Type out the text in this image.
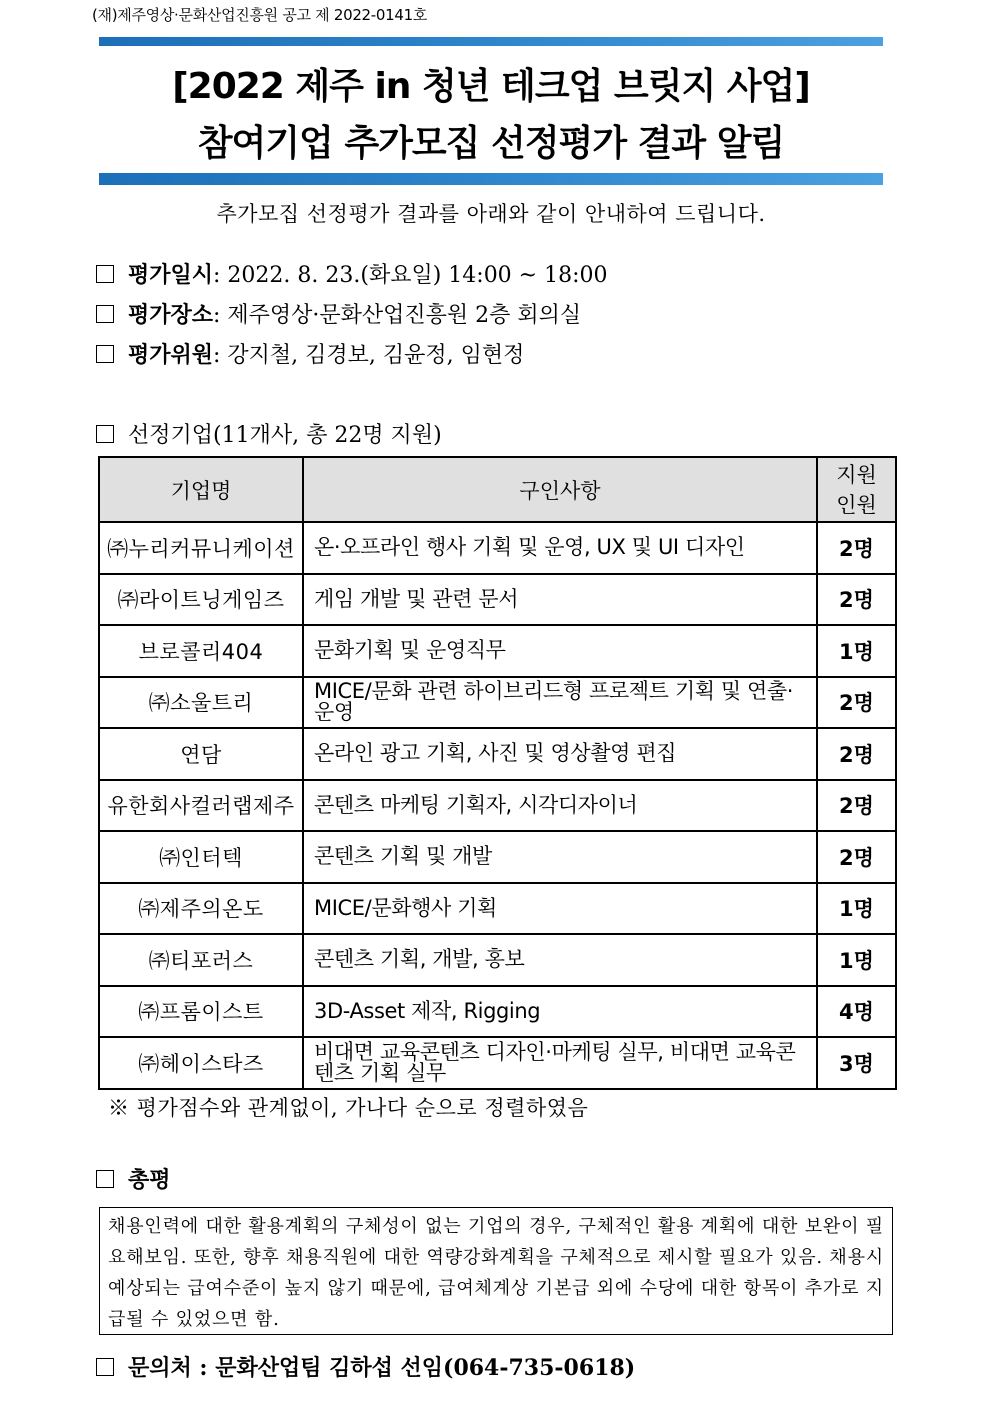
(재)제주영상·문화산업진흥원 공고 제 2022-0141호
[2022 제주 in 청년 테크업 브릿지 사업]
참여기업 추가모집 선정평가 결과 알림
추가모집 선정평가 결과를 아래와 같이 안내하여 드립니다.
평가일시 : 2022. 8. 23.(화요일) 14:00 ~ 18:00
평가장소 : 제주영상·문화산업진흥원 2층 회의실
평가위원 : 강지철, 김경보, 김윤정, 임현정
선정기업(11개사, 총 22명 지원)
기업명	구인사항	지원
인원

㈜누리커뮤니케이션	온·오프라인 행사 기획 및 운영, UX 및 UI 디자인	2명
㈜라이트닝게임즈	게임 개발 및 관련 문서	2명
브로콜리404	문화기획 및 운영직무	1명
㈜소울트리	MICE/문화 관련 하이브리드형 프로젝트 기획 및 연출·운영	2명
연담	온라인 광고 기획, 사진 및 영상촬영 편집	2명
유한회사컬러랩제주	콘텐츠 마케팅 기획자, 시각디자이너	2명
㈜인터텍	콘텐츠 기획 및 개발	2명
㈜제주의온도	MICE/문화행사 기획	1명
㈜티포러스	콘텐츠 기획, 개발, 홍보	1명
㈜프롬이스트	3D-Asset 제작, Rigging	4명
㈜헤이스타즈	비대면 교육콘텐츠 디자인·마케팅 실무, 비대면 교육콘텐츠 기획 실무	3명
※ 평가점수와 관계없이, 가나다 순으로 정렬하였음
총평
채용인력에 대한 활용계획의 구체성이 없는 기업의 경우, 구체적인 활용 계획에 대한 보완이 필요해보임. 또한, 향후 채용직원에 대한 역량강화계획을 구체적으로 제시할 필요가 있음. 채용시 예상되는 급여수준이 높지 않기 때문에, 급여체계상 기본급 외에 수당에 대한 항목이 추가로 지급될 수 있었으면 함.
문의처 : 문화산업팀 김하섭 선임(064-735-0618)
